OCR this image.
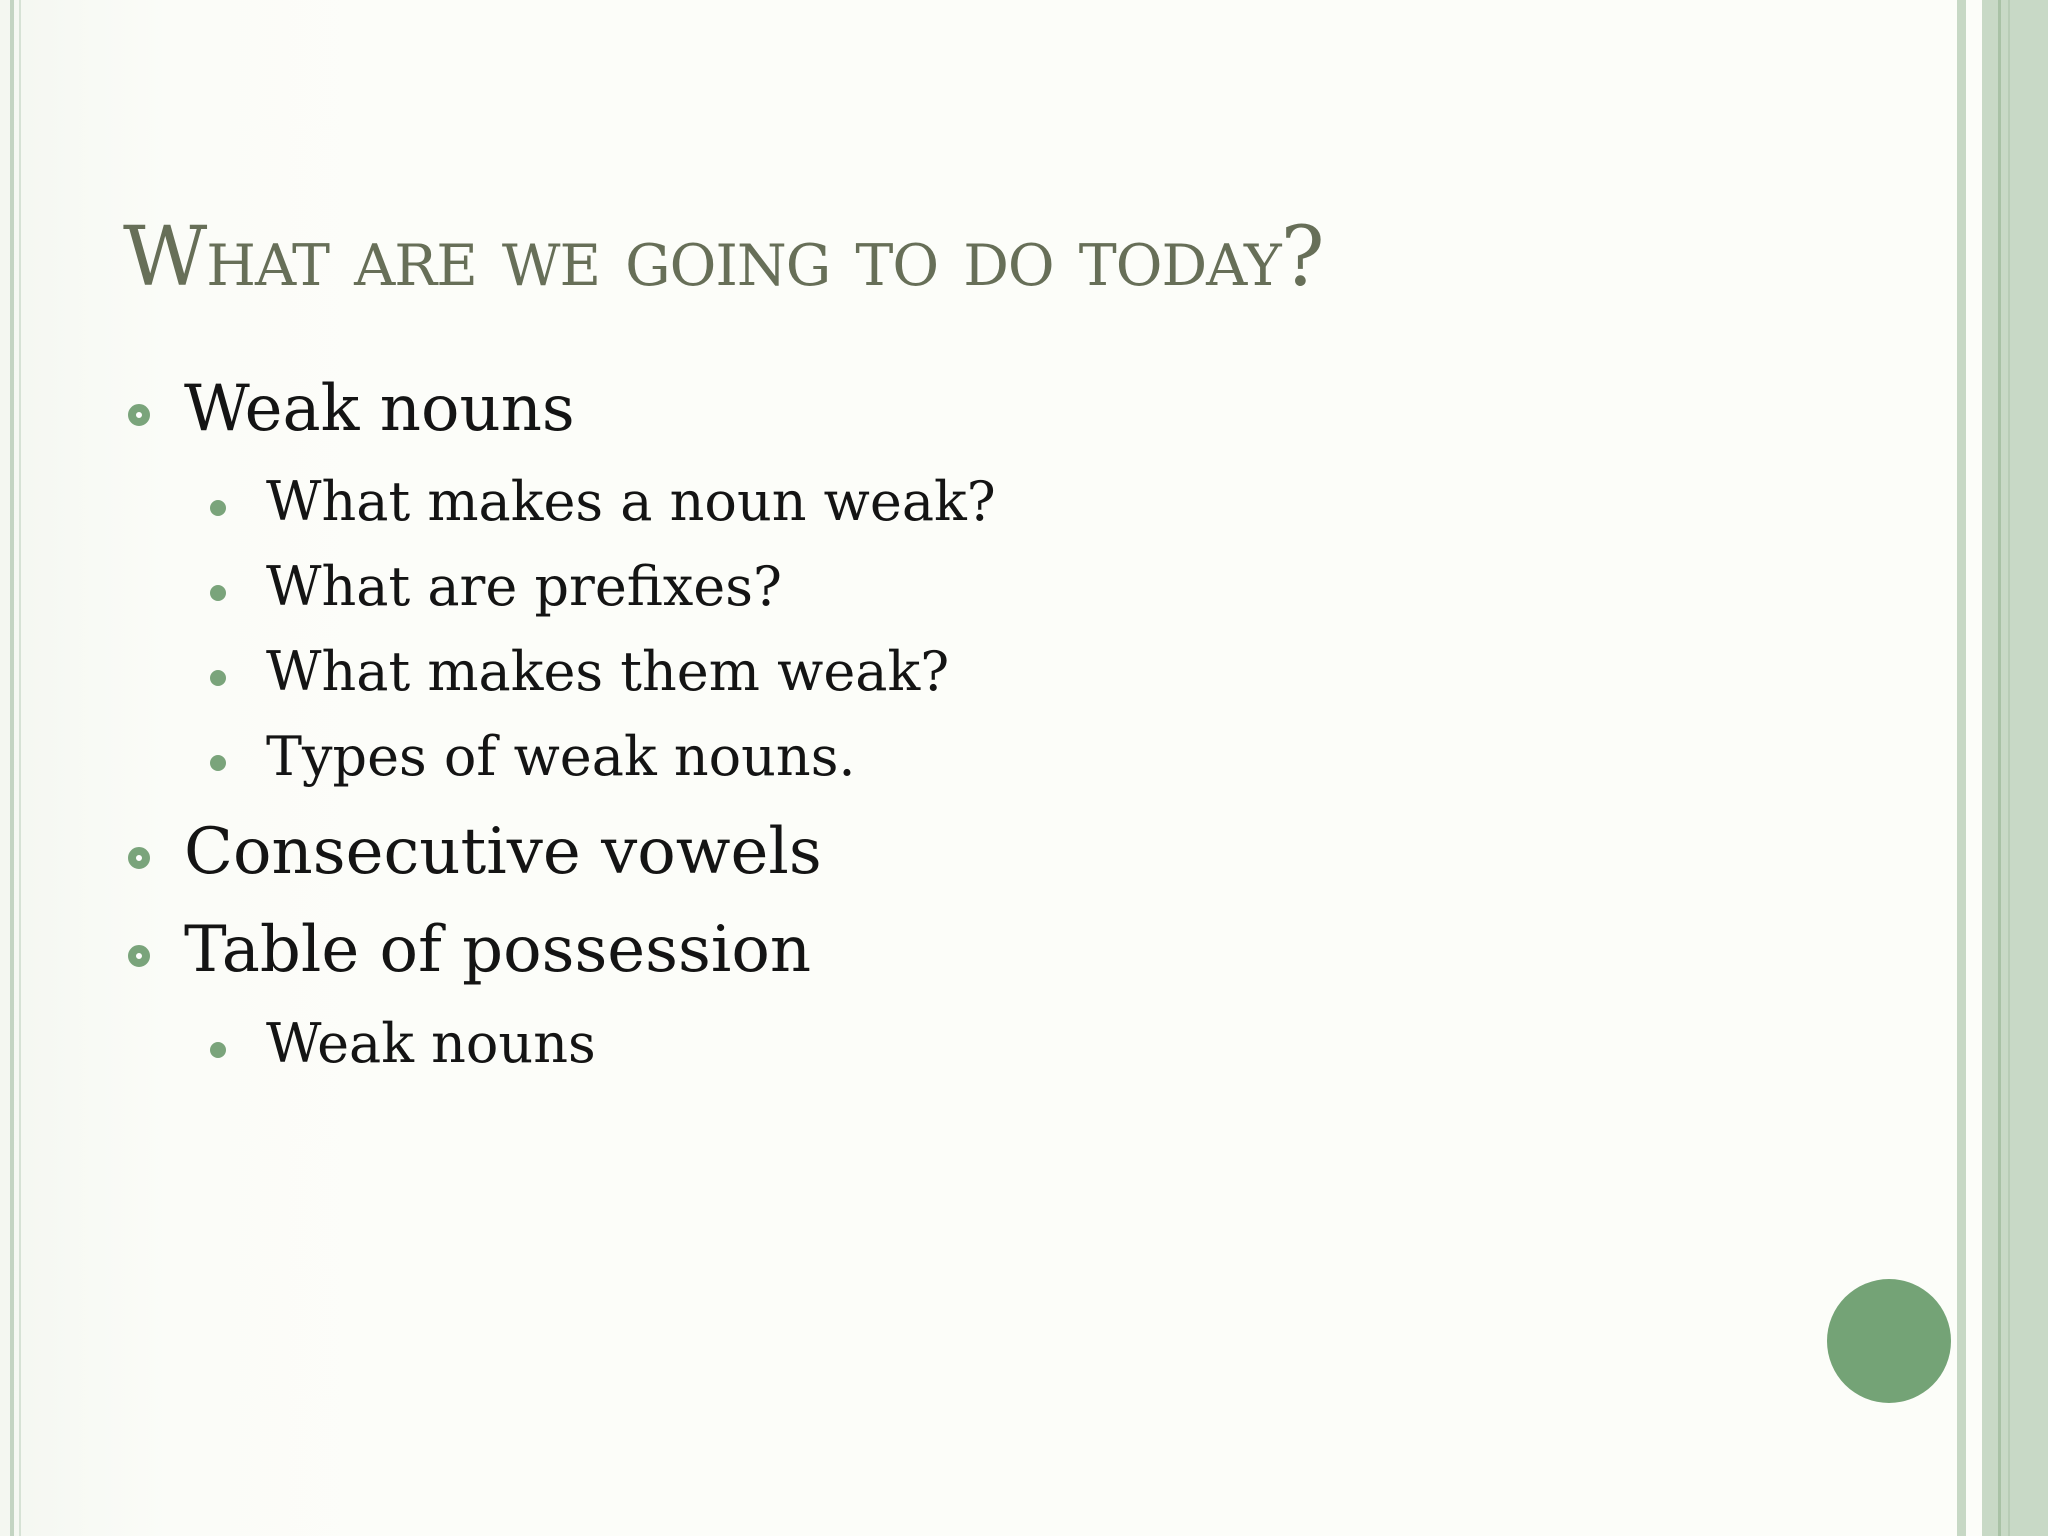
What are we going to do today?
Weak nouns
What makes a noun weak?
What are prefixes?
What makes them weak?
Types of weak nouns.
Consecutive vowels
Table of possession
Weak nouns
